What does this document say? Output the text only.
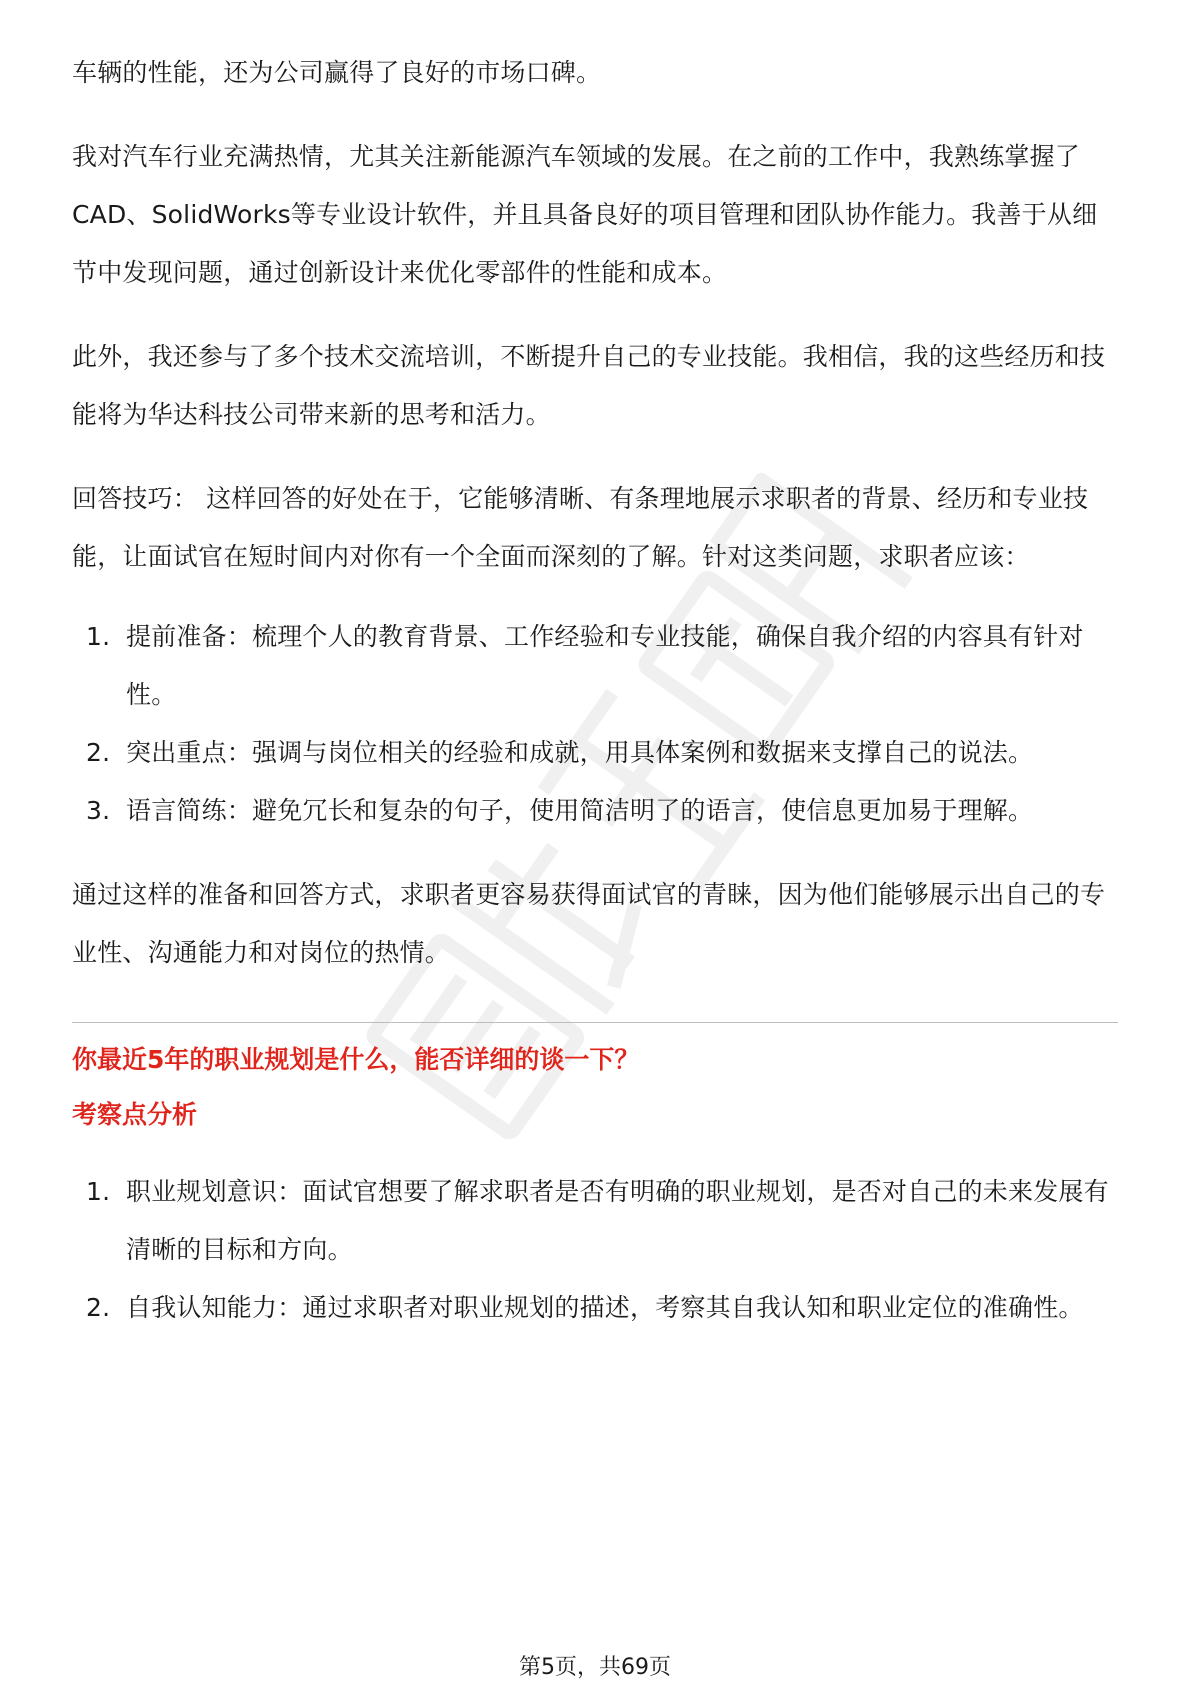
车辆的性能，还为公司赢得了良好的市场口碑。

我对汽车行业充满热情，尤其关注新能源汽车领域的发展。在之前的工作中，我熟练掌握了CAD、SolidWorks等专业设计软件，并且具备良好的项目管理和团队协作能力。我善于从细节中发现问题，通过创新设计来优化零部件的性能和成本。

此外，我还参与了多个技术交流培训，不断提升自己的专业技能。我相信，我的这些经历和技能将为华达科技公司带来新的思考和活力。

回答技巧： 这样回答的好处在于，它能够清晰、有条理地展示求职者的背景、经历和专业技能，让面试官在短时间内对你有一个全面而深刻的了解。针对这类问题，求职者应该：

1. 提前准备：梳理个人的教育背景、工作经验和专业技能，确保自我介绍的内容具有针对性。
2. 突出重点：强调与岗位相关的经验和成就，用具体案例和数据来支撑自己的说法。
3. 语言简练：避免冗长和复杂的句子，使用简洁明了的语言，使信息更加易于理解。

通过这样的准备和回答方式，求职者更容易获得面试官的青睐，因为他们能够展示出自己的专业性、沟通能力和对岗位的热情。

你最近5年的职业规划是什么，能否详细的谈一下？

考察点分析

1. 职业规划意识：面试官想要了解求职者是否有明确的职业规划，是否对自己的未来发展有清晰的目标和方向。
2. 自我认知能力：通过求职者对职业规划的描述，考察其自我认知和职业定位的准确性。
第5页，共69页
